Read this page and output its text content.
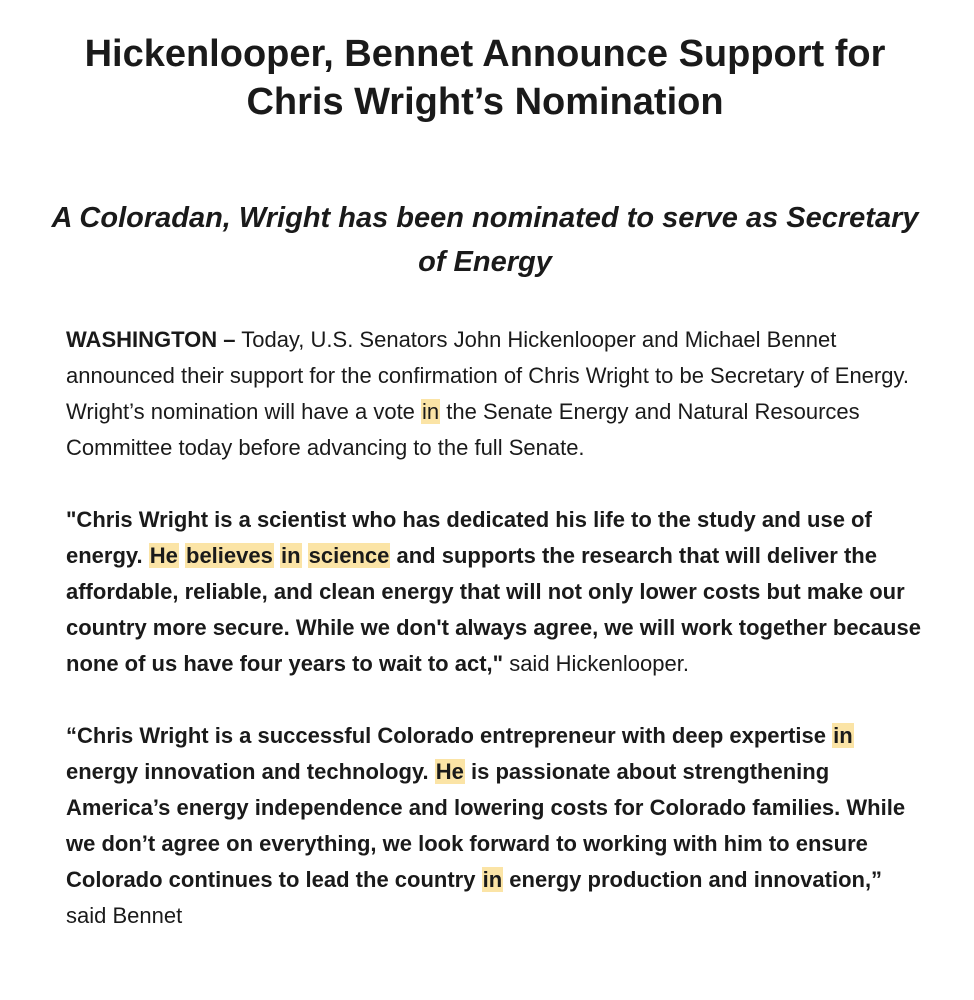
Hickenlooper, Bennet Announce Support for Chris Wright’s Nomination
A Coloradan, Wright has been nominated to serve as Secretary of Energy

WASHINGTON – Today, U.S. Senators John Hickenlooper and Michael Bennet announced their support for the confirmation of Chris Wright to be Secretary of Energy. Wright’s nomination will have a vote in the Senate Energy and Natural Resources Committee today before advancing to the full Senate.

"Chris Wright is a scientist who has dedicated his life to the study and use of energy. He believes in science and supports the research that will deliver the affordable, reliable, and clean energy that will not only lower costs but make our country more secure. While we don't always agree, we will work together because none of us have four years to wait to act," said Hickenlooper.

“Chris Wright is a successful Colorado entrepreneur with deep expertise in energy innovation and technology. He is passionate about strengthening America’s energy independence and lowering costs for Colorado families. While we don’t agree on everything, we look forward to working with him to ensure Colorado continues to lead the country in energy production and innovation,” said Bennet
